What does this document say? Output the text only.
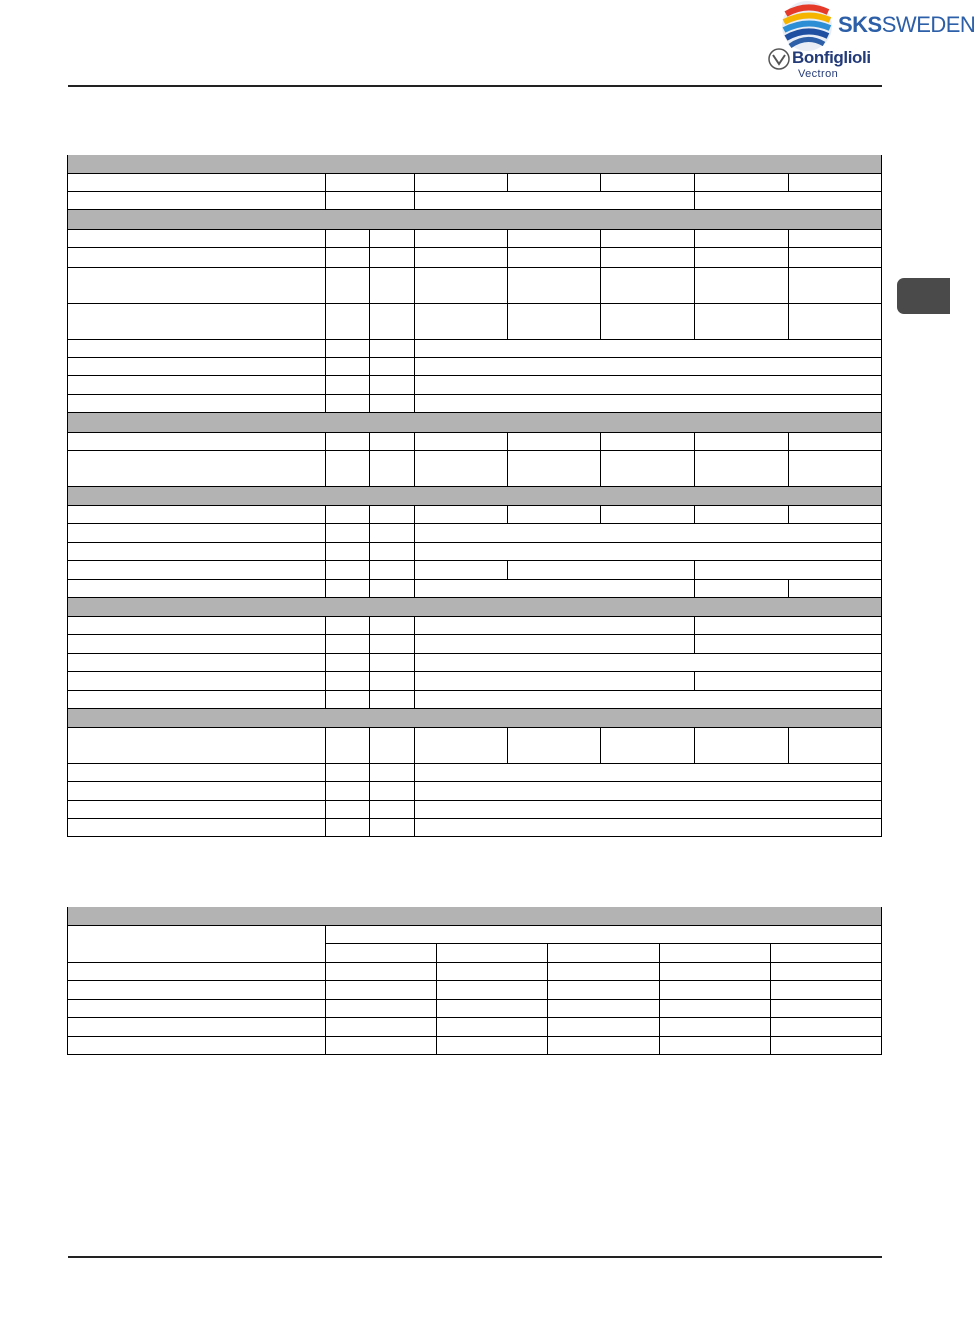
SKSSWEDEN
Bonfiglioli
Vectron
